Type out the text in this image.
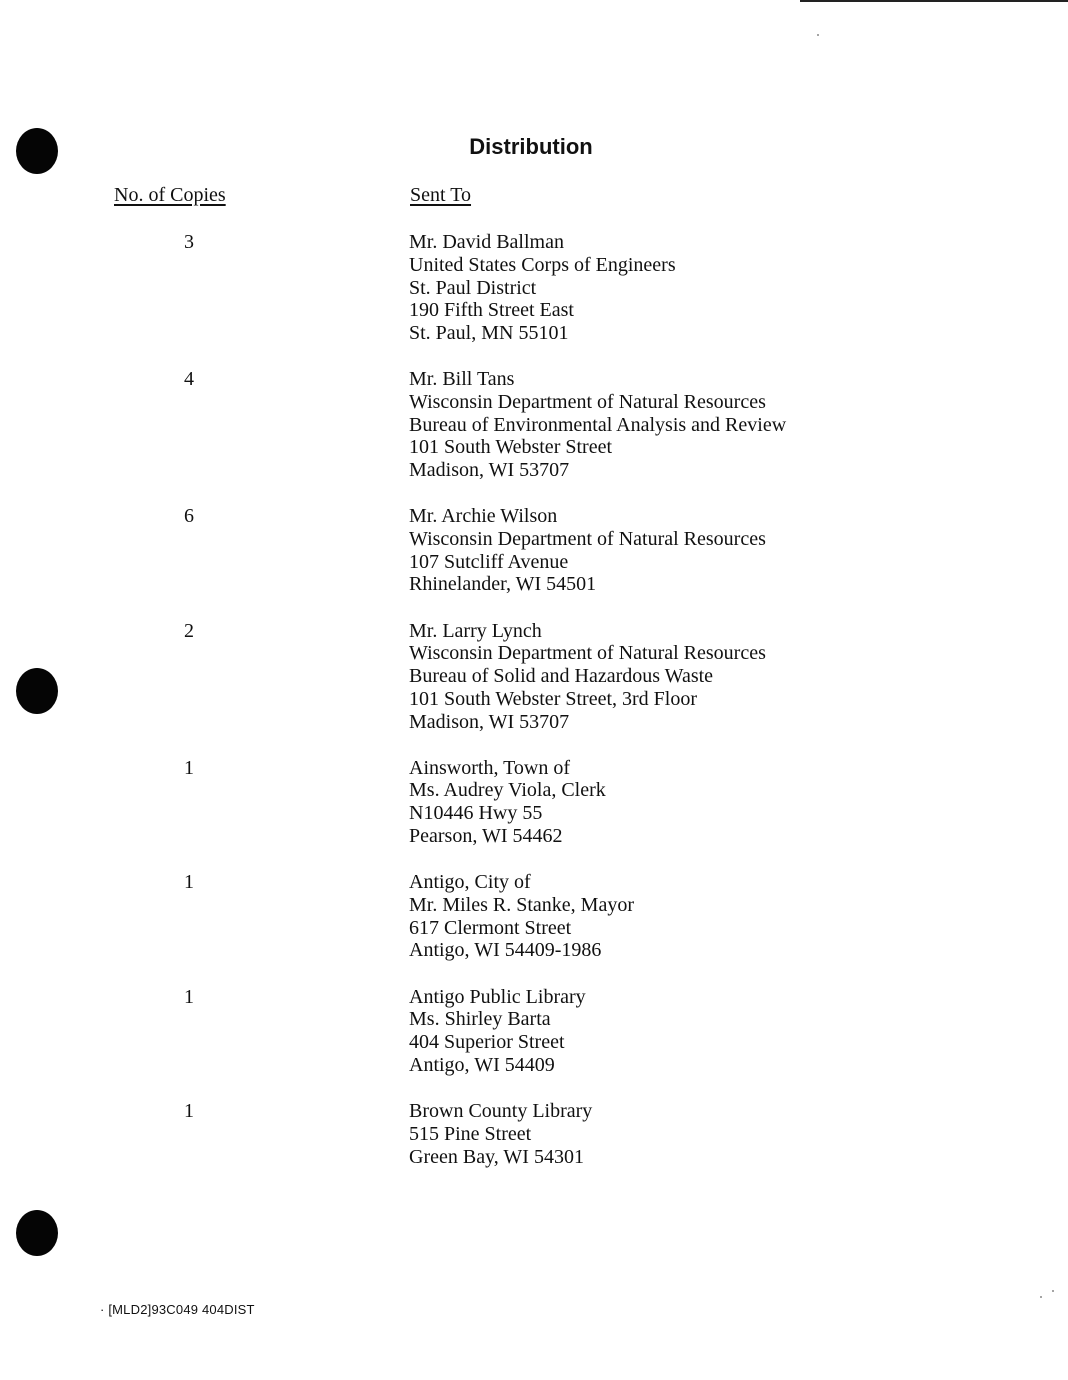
Distribution
No. of Copies	Sent To
3	Mr. David Ballman
United States Corps of Engineers
St. Paul District
190 Fifth Street East
St. Paul, MN 55101
4	Mr. Bill Tans
Wisconsin Department of Natural Resources
Bureau of Environmental Analysis and Review
101 South Webster Street
Madison, WI 53707
6	Mr. Archie Wilson
Wisconsin Department of Natural Resources
107 Sutcliff Avenue
Rhinelander, WI 54501
2	Mr. Larry Lynch
Wisconsin Department of Natural Resources
Bureau of Solid and Hazardous Waste
101 South Webster Street, 3rd Floor
Madison, WI 53707
1	Ainsworth, Town of
Ms. Audrey Viola, Clerk
N10446 Hwy 55
Pearson, WI 54462
1	Antigo, City of
Mr. Miles R. Stanke, Mayor
617 Clermont Street
Antigo, WI 54409-1986
1	Antigo Public Library
Ms. Shirley Barta
404 Superior Street
Antigo, WI 54409
1	Brown County Library
515 Pine Street
Green Bay, WI 54301
· [MLD2]93C049 404DIST
